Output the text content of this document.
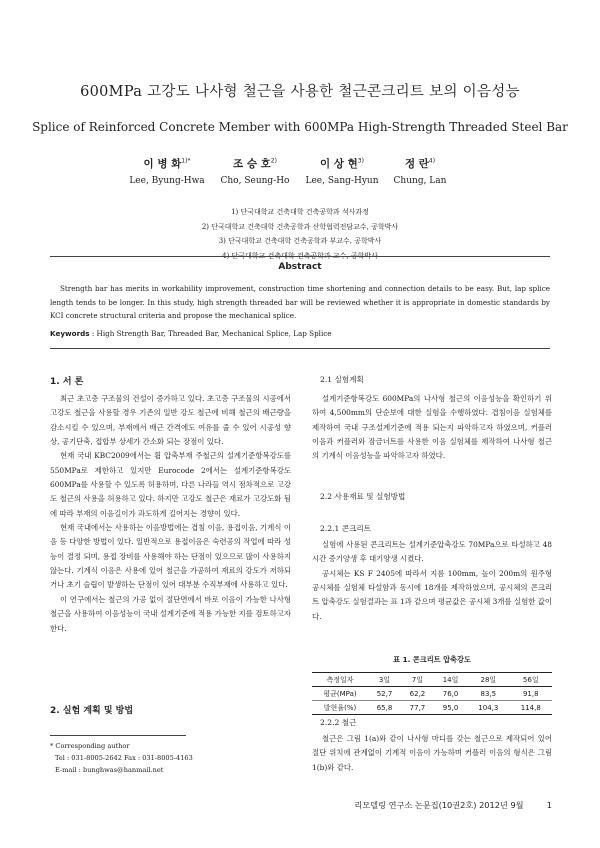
600MPa 고강도 나사형 철근을 사용한 철근콘크리트 보의 이음성능
Splice of Reinforced Concrete Member with 600MPa High-Strength Threaded Steel Bar
이 병 화$^{1)*}$
Lee, Byung-Hwa
조 승 호$^{2)}$
Cho, Seung-Ho
이 상 현$^{3)}$
Lee, Sang-Hyun
정 란$^{4)}$
Chung, Lan
1) 단국대학교 건축대학 건축공학과 석사과정
2) 단국대학교 건축대학 건축공학과 산학협력전담교수, 공학박사
3) 단국대학교 건축대학 건축공학과 부교수, 공학박사
4) 단국대학교 건축대학 건축공학과 교수, 공학박사
Abstract
Strength bar has merits in workability improvement, construction time shortening and connection details to be easy. But, lap splice length tends to be longer. In this study, high strength threaded bar will be reviewed whether it is appropriate in domestic standards by KCI concrete structural criteria and propose the mechanical splice.
Keywords : High Strength Bar, Threaded Bar, Mechanical Splice, Lap Splice
1. 서 론

최근 초고층 구조물의 건설이 증가하고 있다. 초고층 구조물의 시공에서 고강도 철근을 사용할 경우 기존의 일반 강도 철근에 비해 철근의 배근량을 감소시킬 수 있으며, 부재에서 배근 간격에도 여유를 줄 수 있어 시공성 향상, 공기단축, 접합부 상세가 간소화 되는 장점이 있다.

현재 국내 KBC2009에서는 휨 압축부재 주철근의 설계기준항복강도를 550MPa로 제한하고 있지만 Eurocode 2에서는 설계기준항복강도 600MPa를 사용할 수 있도록 허용하며, 다른 나라들 역시 점차적으로 고강도 철근의 사용을 허용하고 있다. 하지만 고강도 철근은 재료가 고강도화 됨에 따라 부재의 이음길이가 과도하게 길어지는 경향이 있다.

현재 국내에서는 사용하는 이음방법에는 겹침 이음, 용접이음, 기계식 이음 등 다양한 방법이 있다. 일반적으로 용접이음은 숙련공의 작업에 따라 성능이 결정 되며, 용접 장비를 사용해야 하는 단점이 있으므로 많이 사용하지 않는다. 기계식 이음은 사용에 있어 철근을 가공하여 재료의 강도가 저하되거나 초기 슬립이 발생하는 단점이 있어 대부분 수직부재에 사용하고 있다.

이 연구에서는 철근의 가공 없이 절단면에서 바로 이음이 가능한 나사형 철근을 사용하여 이음성능이 국내 설계기준에 적용 가능한 지를 검토하고자 한다.

2. 실험 계획 및 방법
* Corresponding author
Tel : 031-8005-2642 Fax : 031-8005-4163
E-mail : bunghwas@hanmail.net
2.1 실험계획

설계기준항복강도 600MPa의 나사형 철근의 이음성능을 확인하기 위하여 4,500mm의 단순보에 대한 실험을 수행하였다. 겹침이음 실험체를 제작하여 국내 구조설계기준에 적용 되는지 파악하고자 하였으며, 커플러 이음과 커플러와 잠금너트를 사용한 이음 실험체를 제작하여 나사형 철근의 기계식 이음성능을 파악하고자 하였다.

2.2 사용재료 및 실험방법
2.2.1 콘크리트

실험에 사용된 콘크리트는 설계기준압축강도 70MPa으로 타설하고 48시간 증기양생 후 대기양생 시켰다.

공시체는 KS F 2405에 따라서 지름 100mm, 높이 200m의 원주형 공시체를 실험체 타설함과 동시에 18개를 제작하였으며, 공시체의 콘크리트 압축강도 실험결과는 표 1과 같으며 평균값은 공시체 3개를 실험한 값이다.

표 1. 콘크리트 압축강도
측정일자	3일	7일	14일	28일	56일
평균(MPa)	52,7	62,2	76,0	83,5	91,8
발현율(%)	65,8	77,7	95,0	104,3	114,8
2.2.2 철근

철근은 그림 1(a)와 같이 나사형 마디를 갖는 철근으로 제작되어 있어 절단 위치에 관계없이 기계적 이음이 가능하며 커플러 이음의 형식은 그림 1(b)와 같다.

리모델링 연구소 논문집(10권2호) 2012년 9월	1
